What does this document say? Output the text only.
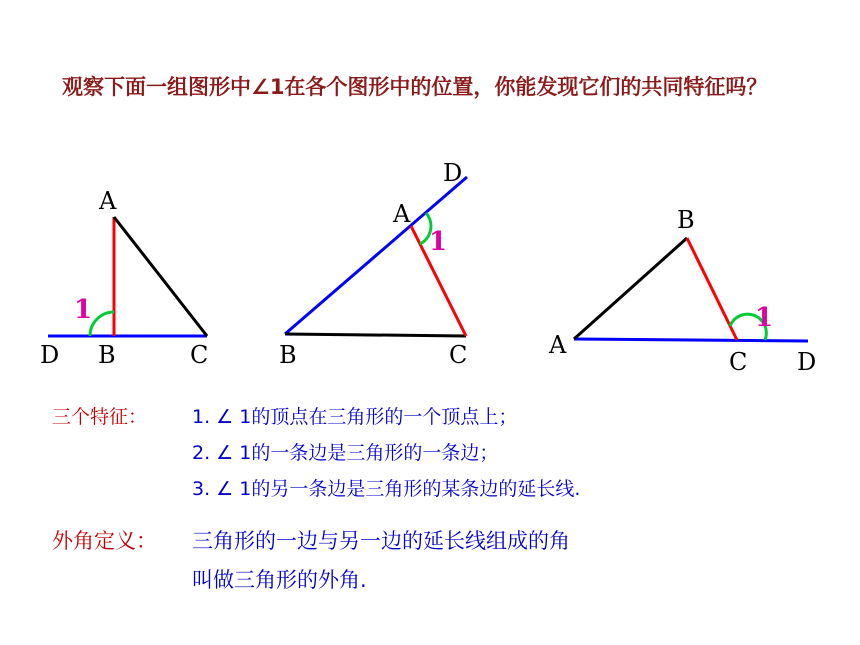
观察下面一组图形中∠1在各个图形中的位置，你能发现它们的共同特征吗？
A
D B	C
1
D
A
B	C
1
B
A
C D
1
三个特征： 1. ∠ 1的顶点在三角形的一个顶点上；
2. ∠ 1的一条边是三角形的一条边；
3. ∠ 1的另一条边是三角形的某条边的延长线.
外角定义： 三角形的一边与另一边的延长线组成的角
叫做三角形的外角.
